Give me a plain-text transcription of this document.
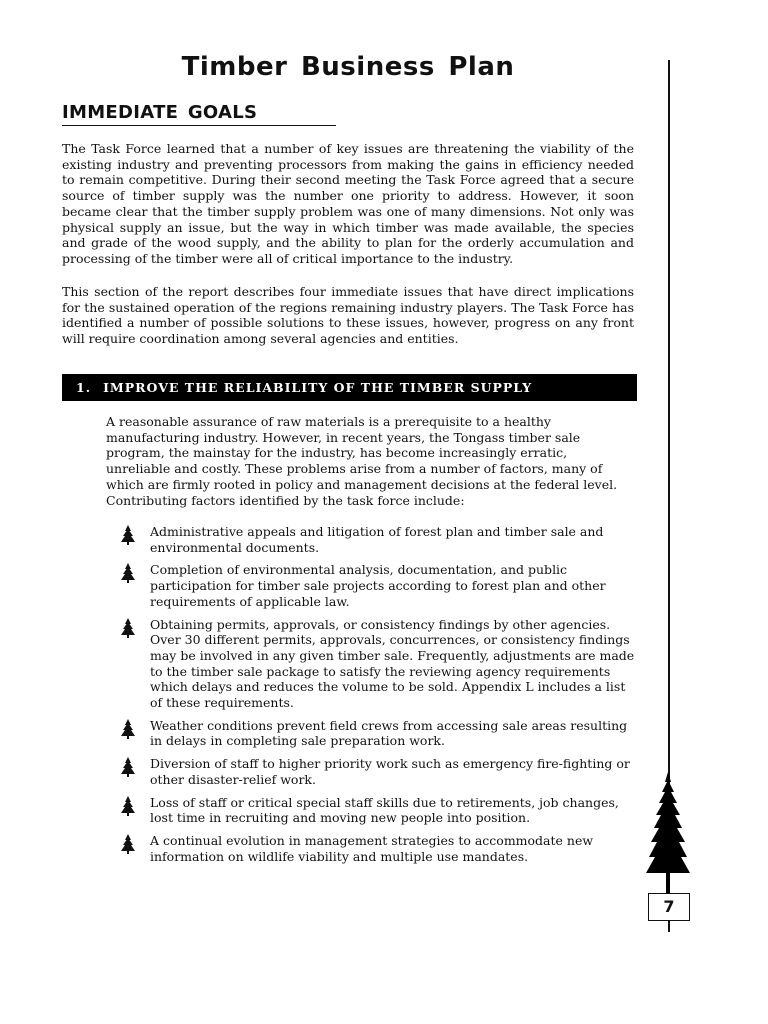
Timber Business Plan
IMMEDIATE GOALS

The Task Force learned that a number of key issues are threatening the viability of the existing industry and preventing processors from making the gains in efficiency needed to remain competitive. During their second meeting the Task Force agreed that a secure source of timber supply was the number one priority to address. However, it soon became clear that the timber supply problem was one of many dimensions. Not only was physical supply an issue, but the way in which timber was made available, the species and grade of the wood supply, and the ability to plan for the orderly accumulation and processing of the timber were all of critical importance to the industry.

This section of the report describes four immediate issues that have direct implications for the sustained operation of the regions remaining industry players. The Task Force has identified a number of possible solutions to these issues, however, progress on any front will require coordination among several agencies and entities.

1. IMPROVE THE RELIABILITY OF THE TIMBER SUPPLY

A reasonable assurance of raw materials is a prerequisite to a healthy manufacturing industry. However, in recent years, the Tongass timber sale program, the mainstay for the industry, has become increasingly erratic, unreliable and costly. These problems arise from a number of factors, many of which are firmly rooted in policy and management decisions at the federal level. Contributing factors identified by the task force include:

Administrative appeals and litigation of forest plan and timber sale and environmental documents.
Completion of environmental analysis, documentation, and public participation for timber sale projects according to forest plan and other requirements of applicable law.
Obtaining permits, approvals, or consistency findings by other agencies. Over 30 different permits, approvals, concurrences, or consistency findings may be involved in any given timber sale. Frequently, adjustments are made to the timber sale package to satisfy the reviewing agency requirements which delays and reduces the volume to be sold. Appendix L includes a list of these requirements.
Weather conditions prevent field crews from accessing sale areas resulting in delays in completing sale preparation work.
Diversion of staff to higher priority work such as emergency fire-fighting or other disaster-relief work.
Loss of staff or critical special staff skills due to retirements, job changes, lost time in recruiting and moving new people into position.
A continual evolution in management strategies to accommodate new information on wildlife viability and multiple use mandates.
7
